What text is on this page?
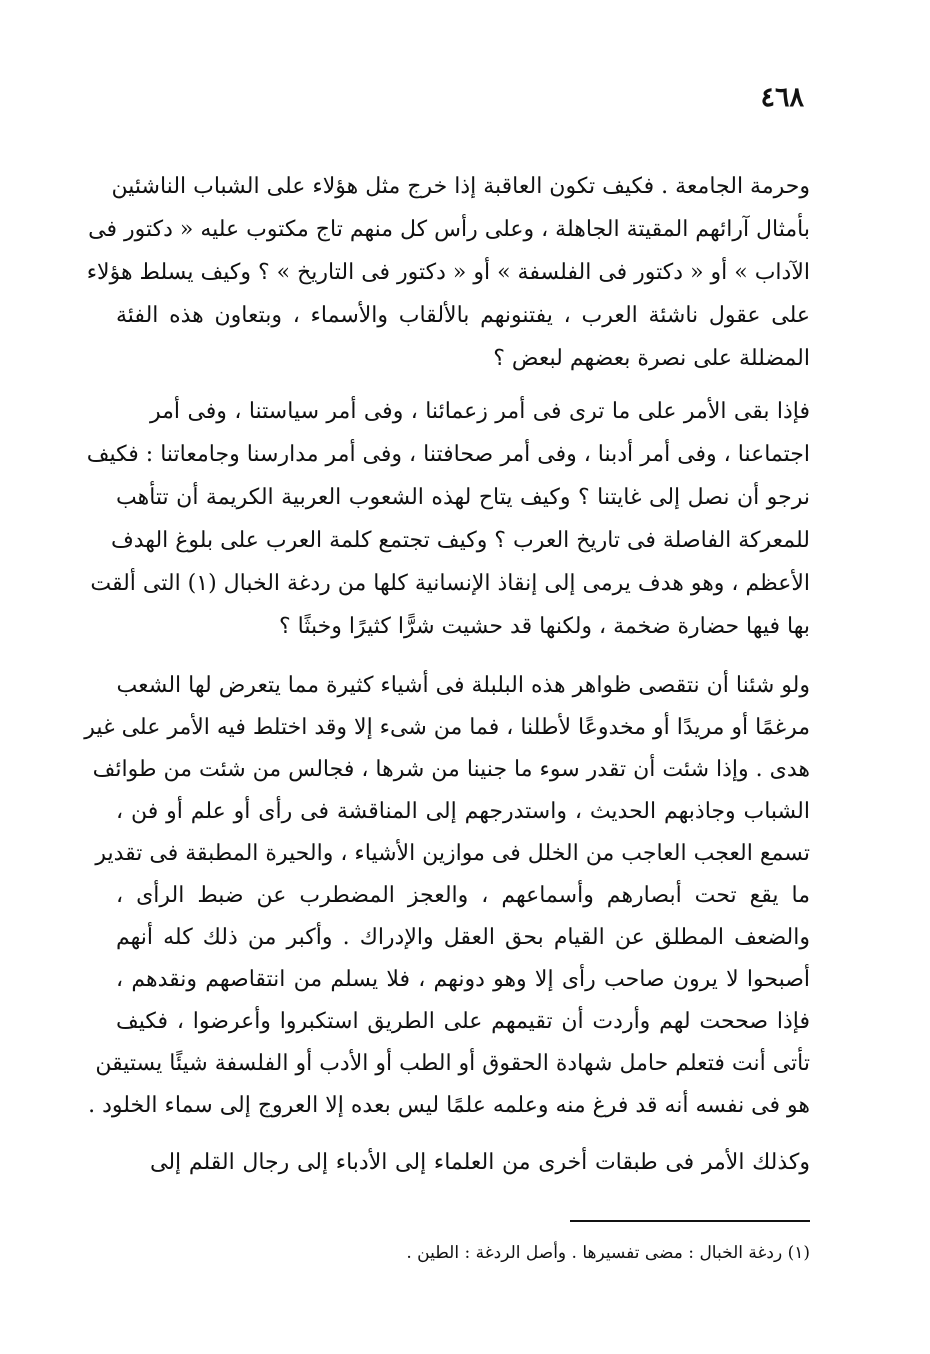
٤٦٨
وحرمة الجامعة . فكيف تكون العاقبة إذا خرج مثل هؤلاء على الشباب الناشئين
بأمثال آرائهم المقيتة الجاهلة ، وعلى رأس كل منهم تاج مكتوب عليه « دكتور فى
الآداب » أو « دكتور فى الفلسفة » أو « دكتور فى التاريخ » ؟ وكيف يسلط هؤلاء
على عقول ناشئة العرب ، يفتنونهم بالألقاب والأسماء ، وبتعاون هذه الفئة
المضللة على نصرة بعضهم لبعض ؟
فإذا بقى الأمر على ما ترى فى أمر زعمائنا ، وفى أمر سياستنا ، وفى أمر
اجتماعنا ، وفى أمر أدبنا ، وفى أمر صحافتنا ، وفى أمر مدارسنا وجامعاتنا : فكيف
نرجو أن نصل إلى غايتنا ؟ وكيف يتاح لهذه الشعوب العربية الكريمة أن تتأهب
للمعركة الفاصلة فى تاريخ العرب ؟ وكيف تجتمع كلمة العرب على بلوغ الهدف
الأعظم ، وهو هدف يرمى إلى إنقاذ الإنسانية كلها من ردغة الخبال (١) التى ألقت
بها فيها حضارة ضخمة ، ولكنها قد حشيت شرًّا كثيرًا وخبثًا ؟
ولو شئنا أن نتقصى ظواهر هذه البلبلة فى أشياء كثيرة مما يتعرض لها الشعب
مرغمًا أو مريدًا أو مخدوعًا لأطلنا ، فما من شىء إلا وقد اختلط فيه الأمر على غير
هدى . وإذا شئت أن تقدر سوء ما جنينا من شرها ، فجالس من شئت من طوائف
الشباب وجاذبهم الحديث ، واستدرجهم إلى المناقشة فى رأى أو علم أو فن ،
تسمع العجب العاجب من الخلل فى موازين الأشياء ، والحيرة المطبقة فى تقدير
ما يقع تحت أبصارهم وأسماعهم ، والعجز المضطرب عن ضبط الرأى ،
والضعف المطلق عن القيام بحق العقل والإدراك . وأكبر من ذلك كله أنهم
أصبحوا لا يرون صاحب رأى إلا وهو دونهم ، فلا يسلم من انتقاصهم ونقدهم ،
فإذا صححت لهم وأردت أن تقيمهم على الطريق استكبروا وأعرضوا ، فكيف
تأتى أنت فتعلم حامل شهادة الحقوق أو الطب أو الأدب أو الفلسفة شيئًا يستيقن
هو فى نفسه أنه قد فرغ منه وعلمه علمًا ليس بعده إلا العروج إلى سماء الخلود .
وكذلك الأمر فى طبقات أخرى من العلماء إلى الأدباء إلى رجال القلم إلى
(١) ردغة الخبال : مضى تفسيرها . وأصل الردغة : الطين .
